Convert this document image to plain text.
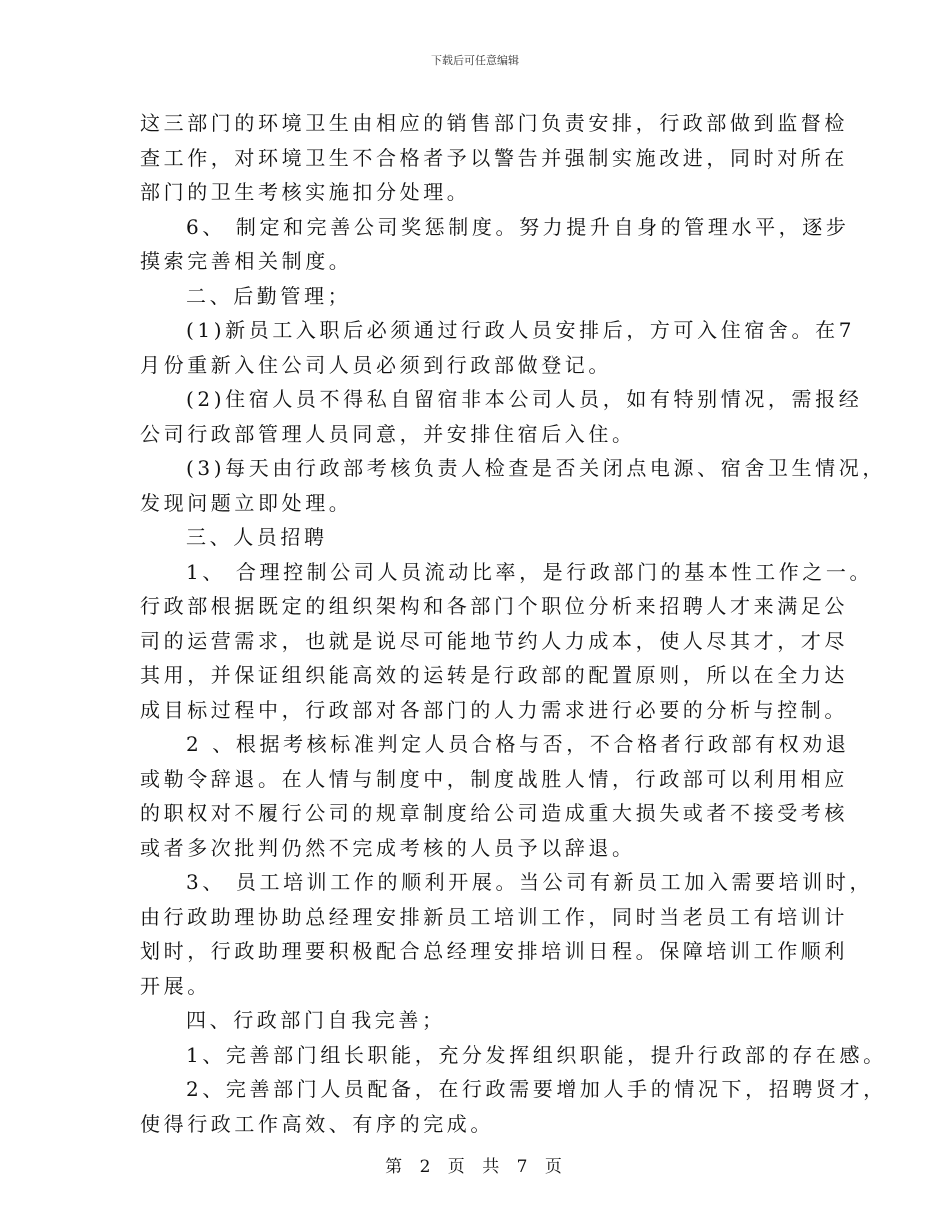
下载后可任意编辑
这三部门的环境卫生由相应的销售部门负责安排，行政部做到监督检
查工作，对环境卫生不合格者予以警告并强制实施改进，同时对所在
部门的卫生考核实施扣分处理。
6、 制定和完善公司奖惩制度。努力提升自身的管理水平，逐步
摸索完善相关制度。
二、后勤管理；
(1)新员工入职后必须通过行政人员安排后，方可入住宿舍。在7
月份重新入住公司人员必须到行政部做登记。
(2)住宿人员不得私自留宿非本公司人员，如有特别情况，需报经
公司行政部管理人员同意，并安排住宿后入住。
(3)每天由行政部考核负责人检查是否关闭点电源、宿舍卫生情况，
发现问题立即处理。
三、人员招聘
1、 合理控制公司人员流动比率，是行政部门的基本性工作之一。
行政部根据既定的组织架构和各部门个职位分析来招聘人才来满足公
司的运营需求，也就是说尽可能地节约人力成本，使人尽其才，才尽
其用，并保证组织能高效的运转是行政部的配置原则，所以在全力达
成目标过程中，行政部对各部门的人力需求进行必要的分析与控制。
2 、根据考核标准判定人员合格与否，不合格者行政部有权劝退
或勒令辞退。在人情与制度中，制度战胜人情，行政部可以利用相应
的职权对不履行公司的规章制度给公司造成重大损失或者不接受考核
或者多次批判仍然不完成考核的人员予以辞退。
3、 员工培训工作的顺利开展。当公司有新员工加入需要培训时，
由行政助理协助总经理安排新员工培训工作，同时当老员工有培训计
划时，行政助理要积极配合总经理安排培训日程。保障培训工作顺利
开展。
四、行政部门自我完善；
1、完善部门组长职能，充分发挥组织职能，提升行政部的存在感。
2、完善部门人员配备，在行政需要增加人手的情况下，招聘贤才，
使得行政工作高效、有序的完成。
第 2 页 共 7 页
